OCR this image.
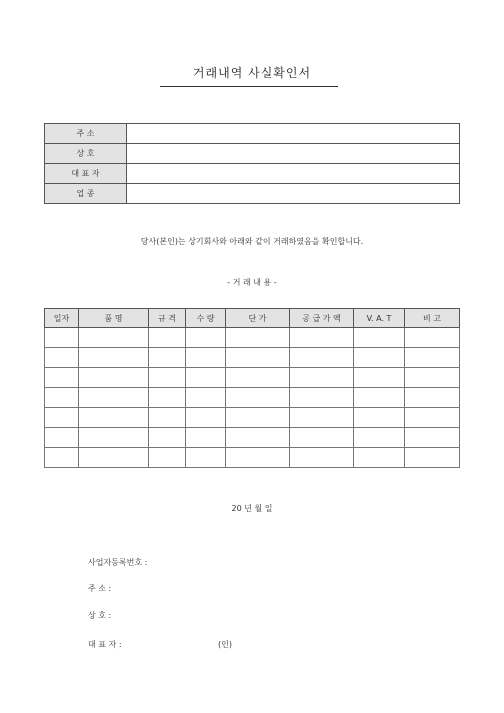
거래내역 사실확인서
주 소	
상 호	
대 표 자	
업 종	
당사(본인)는 상기회사와 아래와 같이 거래하였음을 확인합니다.
- 거 래 내 용 -
일자	품 명	규 격	수 량	단 가	공 급 가 액	V. A. T	비 고

20 년 월 일
사업자등록번호 :
주 소 :
상 호 :
대 표 자 :	(인)
